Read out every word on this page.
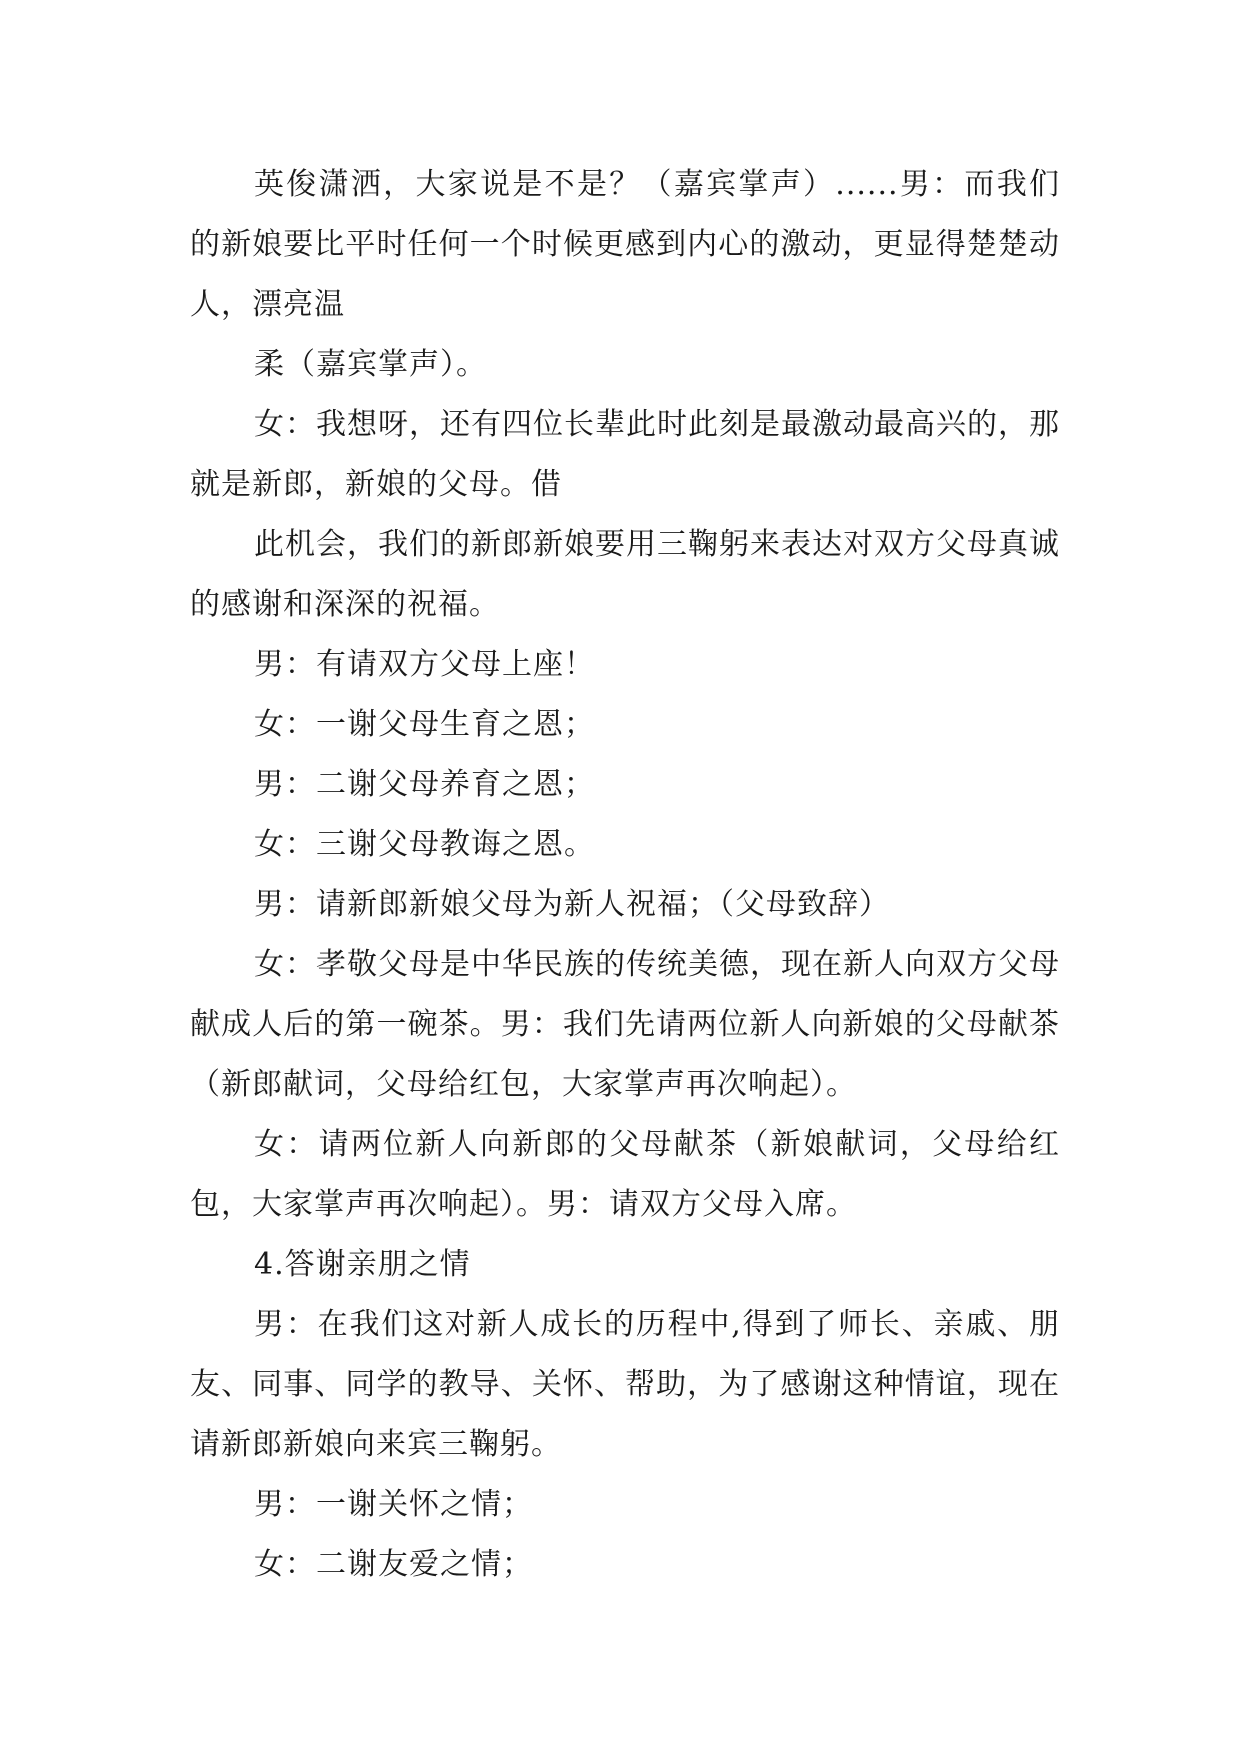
英俊潇洒，大家说是不是？（嘉宾掌声）......男：而我们的新娘要比平时任何一个时候更感到内心的激动，更显得楚楚动人，漂亮温

柔（嘉宾掌声）。

女：我想呀，还有四位长辈此时此刻是最激动最高兴的，那就是新郎，新娘的父母。借

此机会，我们的新郎新娘要用三鞠躬来表达对双方父母真诚的感谢和深深的祝福。

男：有请双方父母上座！

女：一谢父母生育之恩；

男：二谢父母养育之恩；

女：三谢父母教诲之恩。

男：请新郎新娘父母为新人祝福；（父母致辞）

女：孝敬父母是中华民族的传统美德，现在新人向双方父母献成人后的第一碗茶。男：我们先请两位新人向新娘的父母献茶（新郎献词，父母给红包，大家掌声再次响起）。

女：请两位新人向新郎的父母献茶（新娘献词，父母给红包，大家掌声再次响起）。男：请双方父母入席。

4.答谢亲朋之情

男：在我们这对新人成长的历程中,得到了师长、亲戚、朋友、同事、同学的教导、关怀、帮助，为了感谢这种情谊，现在请新郎新娘向来宾三鞠躬。

男：一谢关怀之情；

女：二谢友爱之情；
